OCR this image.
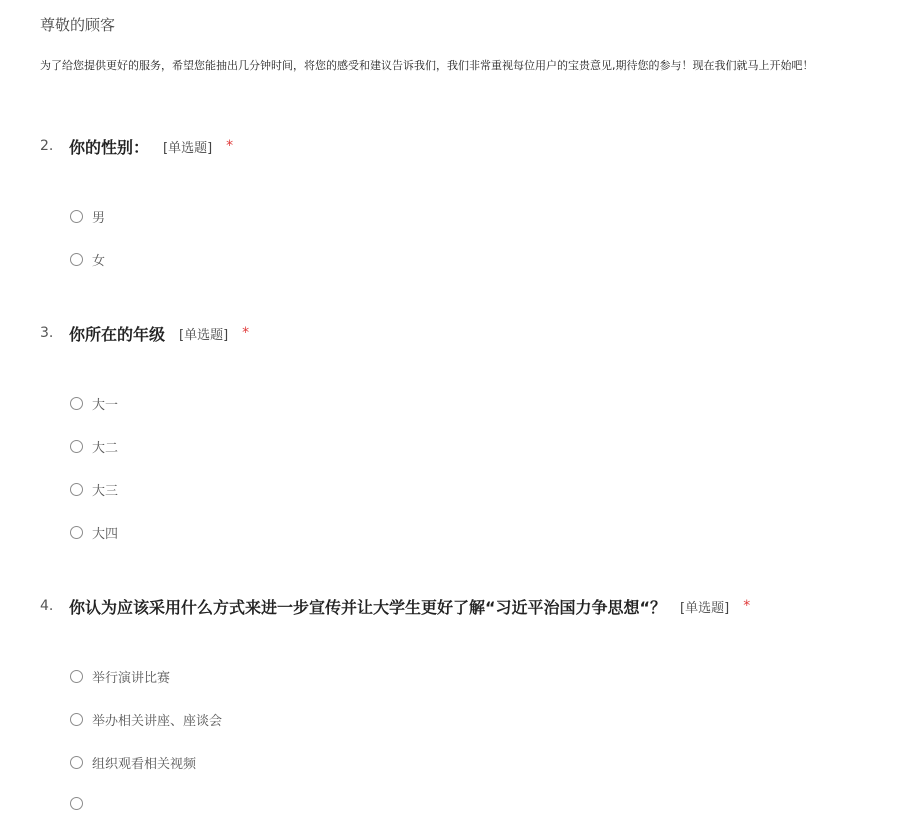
尊敬的顾客
为了给您提供更好的服务，希望您能抽出几分钟时间，将您的感受和建议告诉我们，我们非常重视每位用户的宝贵意见,期待您的参与！现在我们就马上开始吧！
2. 你的性别： [单选题] *
男
女
3. 你所在的年级 [单选题] *
大一
大二
大三
大四
4. 你认为应该采用什么方式来进一步宣传并让大学生更好了解“习近平治国力争思想“？ [单选题] *
举行演讲比赛
举办相关讲座、座谈会
组织观看相关视频
